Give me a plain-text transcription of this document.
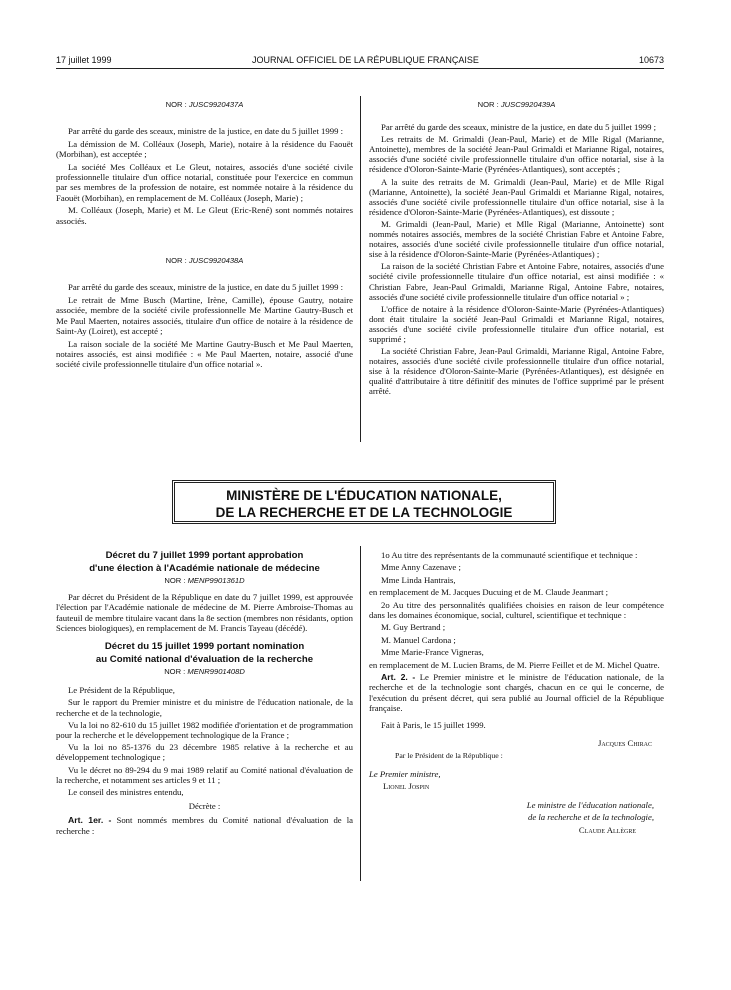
17 juillet 1999	JOURNAL OFFICIEL DE LA RÉPUBLIQUE FRANÇAISE	10673

NOR : JUSC9920437A

Par arrêté du garde des sceaux, ministre de la justice, en date du 5 juillet 1999 :

La démission de M. Colléaux (Joseph, Marie), notaire à la résidence du Faouët (Morbihan), est acceptée ;

La société Mes Colléaux et Le Gleut, notaires, associés d'une société civile professionnelle titulaire d'un office notarial, constituée pour l'exercice en commun par ses membres de la profession de notaire, est nommée notaire à la résidence du Faouët (Morbihan), en remplacement de M. Colléaux (Joseph, Marie) ;

M. Colléaux (Joseph, Marie) et M. Le Gleut (Eric-René) sont nommés notaires associés.

NOR : JUSC9920438A

Par arrêté du garde des sceaux, ministre de la justice, en date du 5 juillet 1999 :

Le retrait de Mme Busch (Martine, Irène, Camille), épouse Gautry, notaire associée, membre de la société civile professionnelle Me Martine Gautry-Busch et Me Paul Maerten, notaires associés, titulaire d'un office de notaire à la résidence de Saint-Ay (Loiret), est accepté ;

La raison sociale de la société Me Martine Gautry-Busch et Me Paul Maerten, notaires associés, est ainsi modifiée : « Me Paul Maerten, notaire, associé d'une société civile professionnelle titulaire d'un office notarial ».

NOR : JUSC9920439A

Par arrêté du garde des sceaux, ministre de la justice, en date du 5 juillet 1999 ;

Les retraits de M. Grimaldi (Jean-Paul, Marie) et de Mlle Rigal (Marianne, Antoinette), membres de la société Jean-Paul Grimaldi et Marianne Rigal, notaires, associés d'une société civile professionnelle titulaire d'un office notarial, sise à la résidence d'Oloron-Sainte-Marie (Pyrénées-Atlantiques), sont acceptés ;

A la suite des retraits de M. Grimaldi (Jean-Paul, Marie) et de Mlle Rigal (Marianne, Antoinette), la société Jean-Paul Grimaldi et Marianne Rigal, notaires, associés d'une société civile professionnelle titulaire d'un office notarial, sise à la résidence d'Oloron-Sainte-Marie (Pyrénées-Atlantiques), est dissoute ;

M. Grimaldi (Jean-Paul, Marie) et Mlle Rigal (Marianne, Antoinette) sont nommés notaires associés, membres de la société Christian Fabre et Antoine Fabre, notaires, associés d'une société civile professionnelle titulaire d'un office notarial, sise à la résidence d'Oloron-Sainte-Marie (Pyrénées-Atlantiques) ;

La raison de la société Christian Fabre et Antoine Fabre, notaires, associés d'une société civile professionnelle titulaire d'un office notarial, est ainsi modifiée : « Christian Fabre, Jean-Paul Grimaldi, Marianne Rigal, Antoine Fabre, notaires, associés d'une société civile professionnelle titulaire d'un office notarial » ;

L'office de notaire à la résidence d'Oloron-Sainte-Marie (Pyrénées-Atlantiques) dont était titulaire la société Jean-Paul Grimaldi et Marianne Rigal, notaires, associés d'une société civile professionnelle titulaire d'un office notarial, est supprimé ;

La société Christian Fabre, Jean-Paul Grimaldi, Marianne Rigal, Antoine Fabre, notaires, associés d'une société civile professionnelle titulaire d'un office notarial, sise à la résidence d'Oloron-Sainte-Marie (Pyrénées-Atlantiques), est désignée en qualité d'attributaire à titre définitif des minutes de l'office supprimé par le présent arrêté.

MINISTÈRE DE L'ÉDUCATION NATIONALE,
DE LA RECHERCHE ET DE LA TECHNOLOGIE

Décret du 7 juillet 1999 portant approbation

d'une élection à l'Académie nationale de médecine

NOR : MENP9901361D

Par décret du Président de la République en date du 7 juillet 1999, est approuvée l'élection par l'Académie nationale de médecine de M. Pierre Ambroise-Thomas au fauteuil de membre titulaire vacant dans la 8e section (membres non résidants, option Sciences biologiques), en remplacement de M. Francis Tayeau (décédé).

Décret du 15 juillet 1999 portant nomination

au Comité national d'évaluation de la recherche

NOR : MENR9901408D

Le Président de la République,

Sur le rapport du Premier ministre et du ministre de l'éducation nationale, de la recherche et de la technologie,

Vu la loi no 82-610 du 15 juillet 1982 modifiée d'orientation et de programmation pour la recherche et le développement technologique de la France ;

Vu la loi no 85-1376 du 23 décembre 1985 relative à la recherche et au développement technologique ;

Vu le décret no 89-294 du 9 mai 1989 relatif au Comité national d'évaluation de la recherche, et notamment ses articles 9 et 11 ;

Le conseil des ministres entendu,

Décrète :

Art. 1er. - Sont nommés membres du Comité national d'évaluation de la recherche :

1o Au titre des représentants de la communauté scientifique et technique :

Mme Anny Cazenave ;

Mme Linda Hantrais,

en remplacement de M. Jacques Ducuing et de M. Claude Jeanmart ;

2o Au titre des personnalités qualifiées choisies en raison de leur compétence dans les domaines économique, social, culturel, scientifique et technique :

M. Guy Bertrand ;

M. Manuel Cardona ;

Mme Marie-France Vigneras,

en remplacement de M. Lucien Brams, de M. Pierre Feillet et de M. Michel Quatre.

Art. 2. - Le Premier ministre et le ministre de l'éducation nationale, de la recherche et de la technologie sont chargés, chacun en ce qui le concerne, de l'exécution du présent décret, qui sera publié au Journal officiel de la République française.

Fait à Paris, le 15 juillet 1999.

Jacques Chirac

Par le Président de la République :

Le Premier ministre,

Lionel Jospin

Le ministre de l'éducation nationale,

de la recherche et de la technologie,

Claude Allègre
